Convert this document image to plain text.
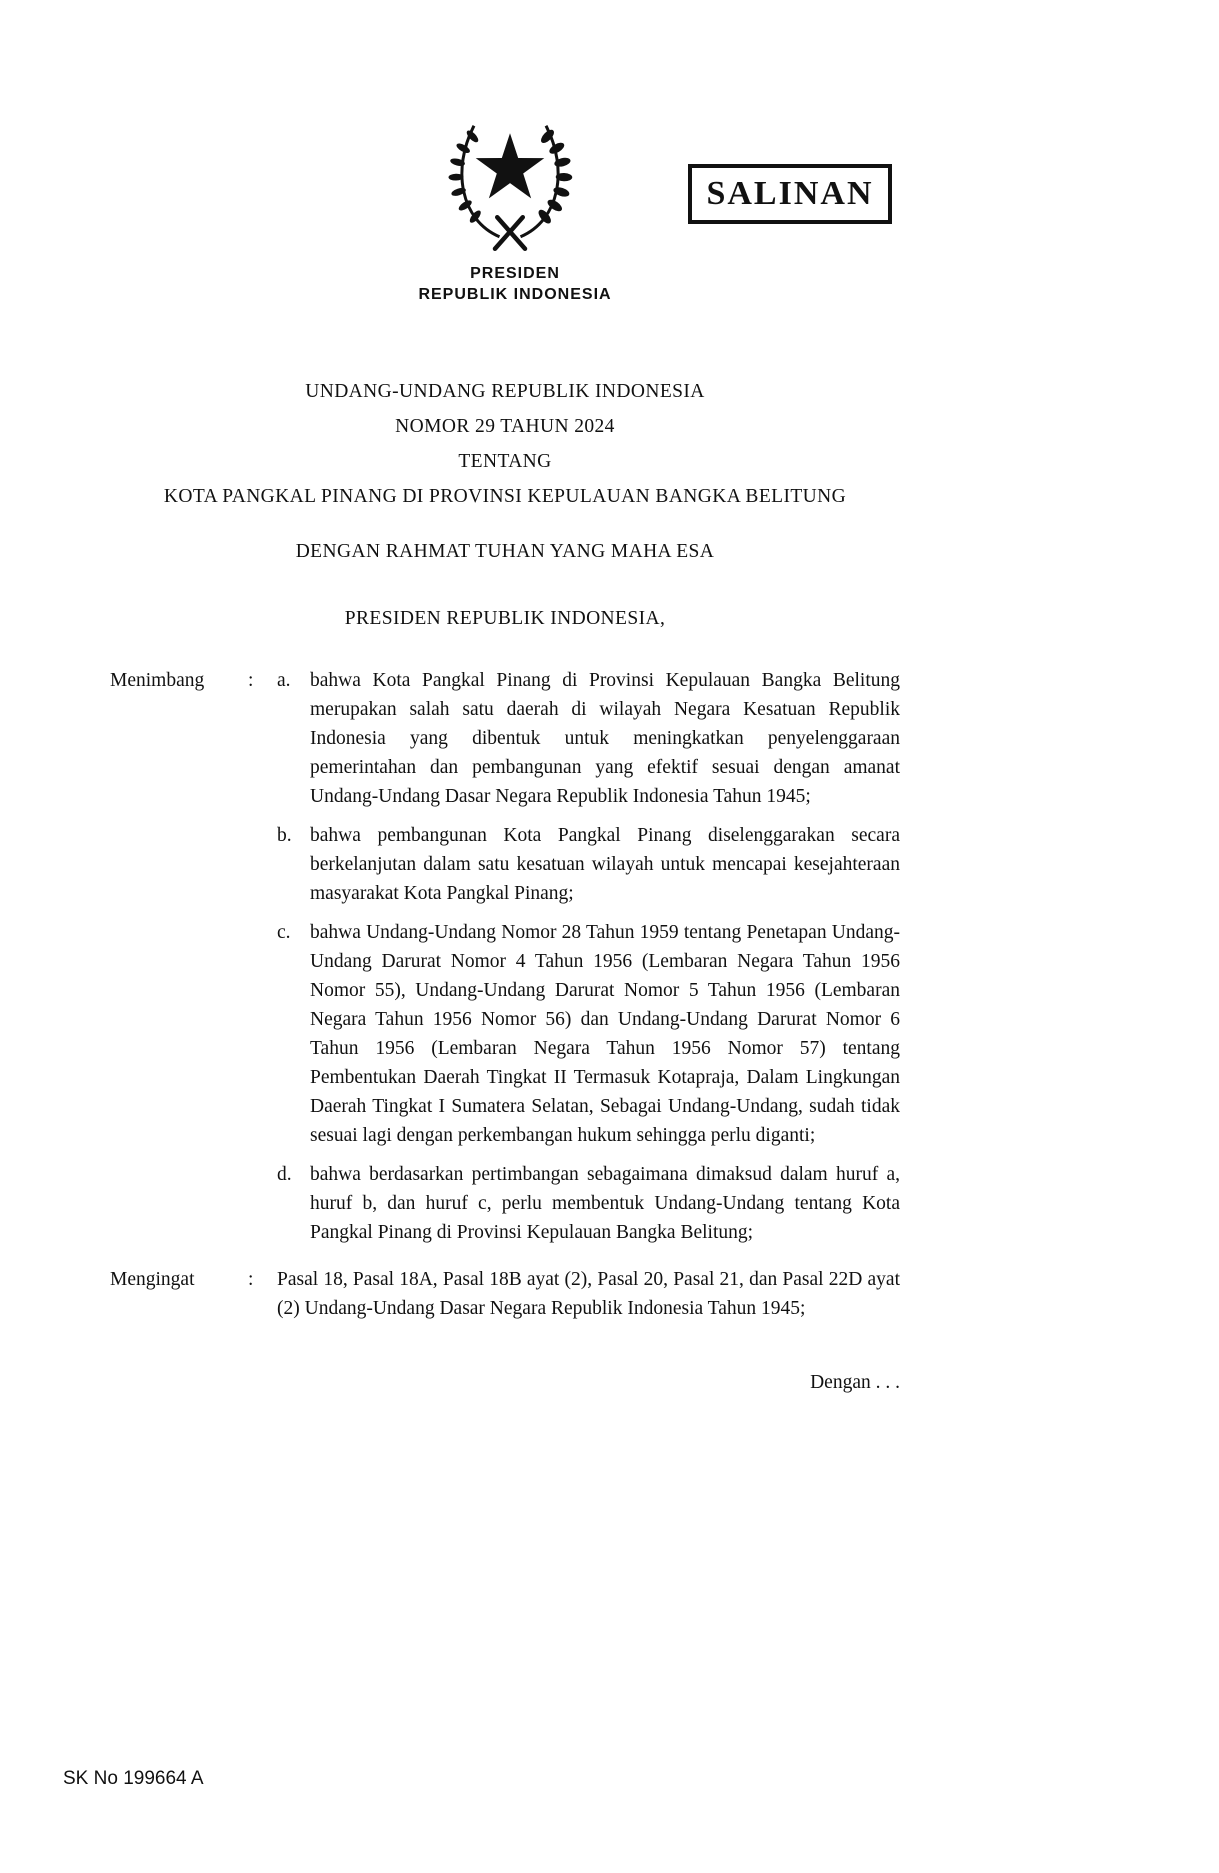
SALINAN
PRESIDEN
REPUBLIK INDONESIA
UNDANG-UNDANG REPUBLIK INDONESIA
NOMOR 29 TAHUN 2024
TENTANG
KOTA PANGKAL PINANG DI PROVINSI KEPULAUAN BANGKA BELITUNG
DENGAN RAHMAT TUHAN YANG MAHA ESA
PRESIDEN REPUBLIK INDONESIA,
Menimbang	:	a. bahwa Kota Pangkal Pinang di Provinsi Kepulauan Bangka Belitung merupakan salah satu daerah di wilayah Negara Kesatuan Republik Indonesia yang dibentuk untuk meningkatkan penyelenggaraan pemerintahan dan pembangunan yang efektif sesuai dengan amanat Undang-Undang Dasar Negara Republik Indonesia Tahun 1945;
b. bahwa pembangunan Kota Pangkal Pinang diselenggarakan secara berkelanjutan dalam satu kesatuan wilayah untuk mencapai kesejahteraan masyarakat Kota Pangkal Pinang;
c. bahwa Undang-Undang Nomor 28 Tahun 1959 tentang Penetapan Undang-Undang Darurat Nomor 4 Tahun 1956 (Lembaran Negara Tahun 1956 Nomor 55), Undang-Undang Darurat Nomor 5 Tahun 1956 (Lembaran Negara Tahun 1956 Nomor 56) dan Undang-Undang Darurat Nomor 6 Tahun 1956 (Lembaran Negara Tahun 1956 Nomor 57) tentang Pembentukan Daerah Tingkat II Termasuk Kotapraja, Dalam Lingkungan Daerah Tingkat I Sumatera Selatan, Sebagai Undang-Undang, sudah tidak sesuai lagi dengan perkembangan hukum sehingga perlu diganti;
d. bahwa berdasarkan pertimbangan sebagaimana dimaksud dalam huruf a, huruf b, dan huruf c, perlu membentuk Undang-Undang tentang Kota Pangkal Pinang di Provinsi Kepulauan Bangka Belitung;
Mengingat	:	Pasal 18, Pasal 18A, Pasal 18B ayat (2), Pasal 20, Pasal 21, dan Pasal 22D ayat (2) Undang-Undang Dasar Negara Republik Indonesia Tahun 1945;
Dengan . . .
SK No 199664 A
